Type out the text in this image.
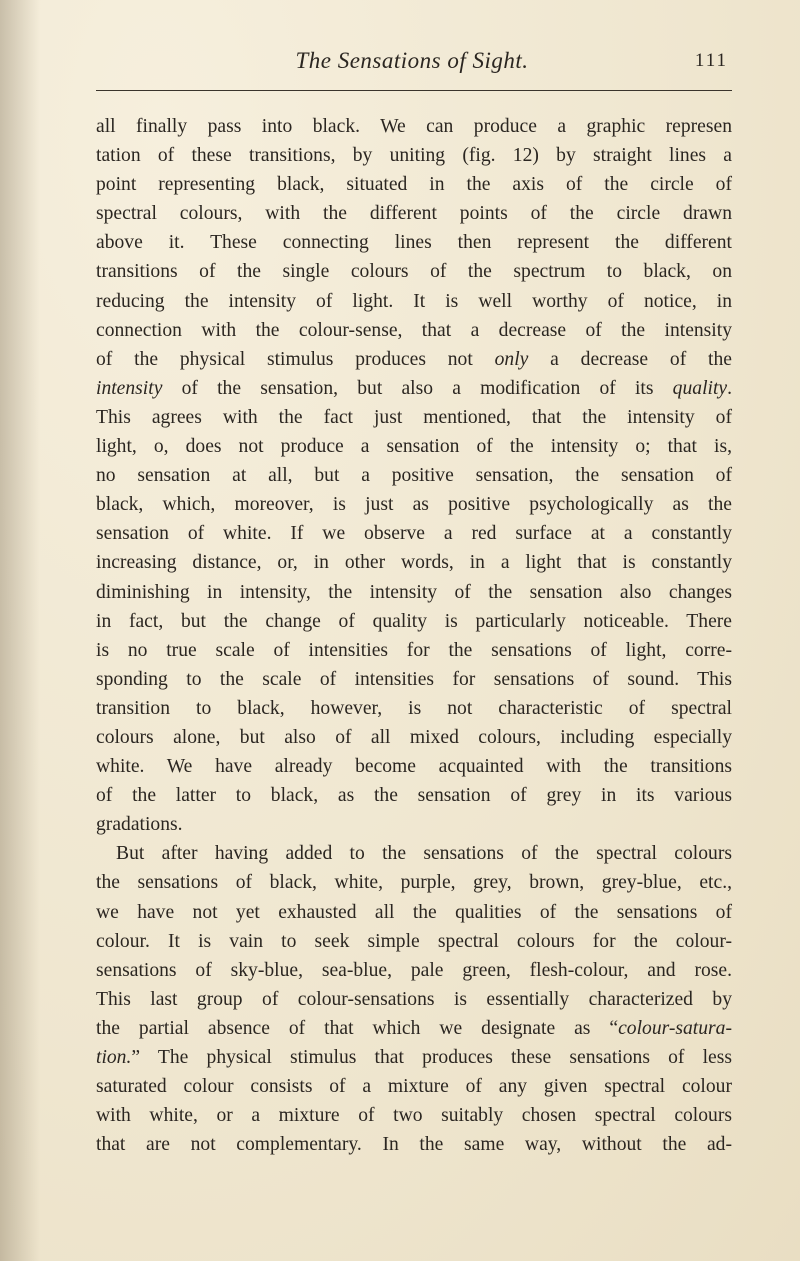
The Sensations of Sight.	111
all finally pass into black. We can produce a graphic represen
tation of these transitions, by uniting (fig. 12) by straight lines a
point representing black, situated in the axis of the circle of
spectral colours, with the different points of the circle drawn
above it. These connecting lines then represent the different
transitions of the single colours of the spectrum to black, on
reducing the intensity of light. It is well worthy of notice, in
connection with the colour-sense, that a decrease of the intensity
of the physical stimulus produces not only a decrease of the
intensity of the sensation, but also a modification of its quality.
This agrees with the fact just mentioned, that the intensity of
light, o, does not produce a sensation of the intensity o; that is,
no sensation at all, but a positive sensation, the sensation of
black, which, moreover, is just as positive psychologically as the
sensation of white. If we observe a red surface at a constantly
increasing distance, or, in other words, in a light that is constantly
diminishing in intensity, the intensity of the sensation also changes
in fact, but the change of quality is particularly noticeable. There
is no true scale of intensities for the sensations of light, corre-
sponding to the scale of intensities for sensations of sound. This
transition to black, however, is not characteristic of spectral
colours alone, but also of all mixed colours, including especially
white. We have already become acquainted with the transitions
of the latter to black, as the sensation of grey in its various
gradations.
But after having added to the sensations of the spectral colours
the sensations of black, white, purple, grey, brown, grey-blue, etc.,
we have not yet exhausted all the qualities of the sensations of
colour. It is vain to seek simple spectral colours for the colour-
sensations of sky-blue, sea-blue, pale green, flesh-colour, and rose.
This last group of colour-sensations is essentially characterized by
the partial absence of that which we designate as “colour-satura-
tion.” The physical stimulus that produces these sensations of less
saturated colour consists of a mixture of any given spectral colour
with white, or a mixture of two suitably chosen spectral colours
that are not complementary. In the same way, without the ad-
